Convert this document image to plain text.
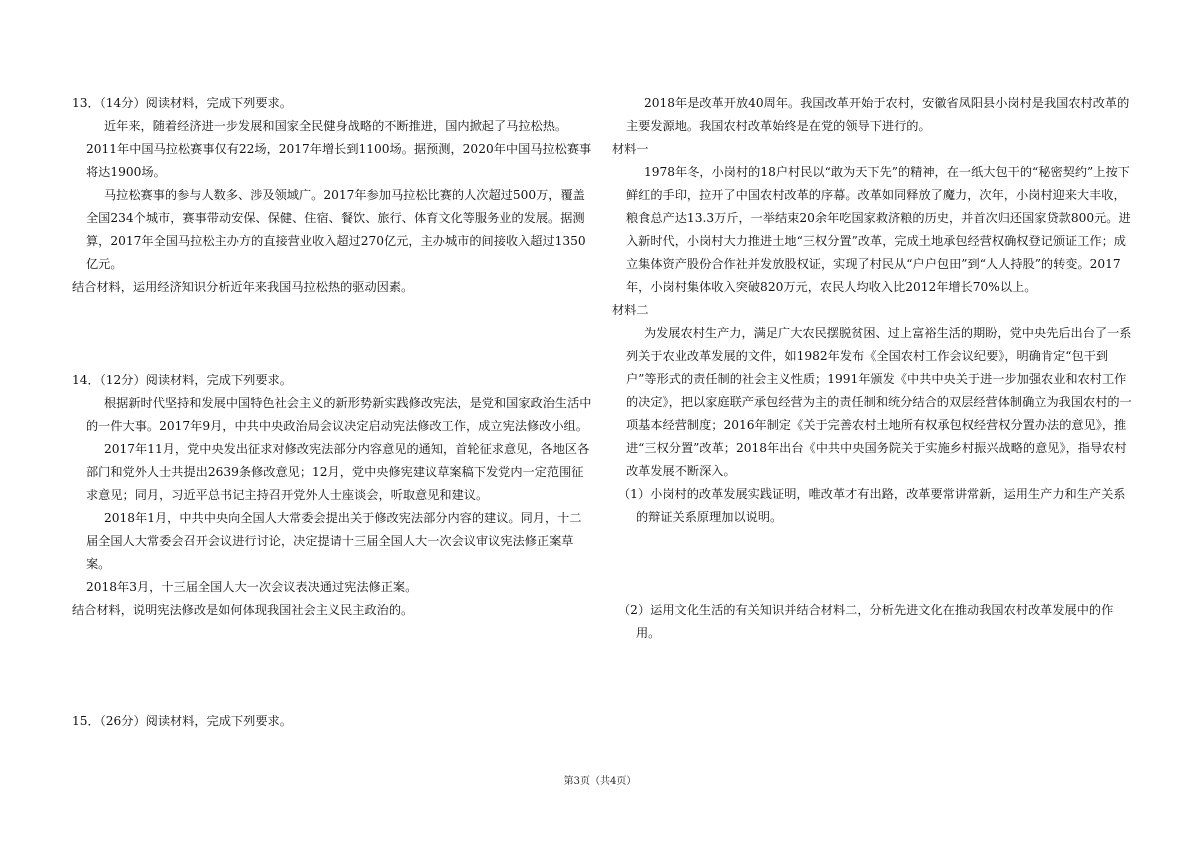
13．（14分）阅读材料，完成下列要求。

近年来，随着经济进一步发展和国家全民健身战略的不断推进，国内掀起了马拉松热。2011年中国马拉松赛事仅有22场，2017年增长到1100场。据预测，2020年中国马拉松赛事将达1900场。

马拉松赛事的参与人数多、涉及领域广。2017年参加马拉松比赛的人次超过500万，覆盖全国234个城市，赛事带动安保、保健、住宿、餐饮、旅行、体育文化等服务业的发展。据测算，2017年全国马拉松主办方的直接营业收入超过270亿元，主办城市的间接收入超过1350亿元。

结合材料，运用经济知识分析近年来我国马拉松热的驱动因素。

14．（12分）阅读材料，完成下列要求。

根据新时代坚持和发展中国特色社会主义的新形势新实践修改宪法，是党和国家政治生活中的一件大事。2017年9月，中共中央政治局会议决定启动宪法修改工作，成立宪法修改小组。

2017年11月，党中央发出征求对修改宪法部分内容意见的通知，首轮征求意见，各地区各部门和党外人士共提出2639条修改意见；12月，党中央修宪建议草案稿下发党内一定范围征求意见；同月，习近平总书记主持召开党外人士座谈会，听取意见和建议。

2018年1月，中共中央向全国人大常委会提出关于修改宪法部分内容的建议。同月，十二届全国人大常委会召开会议进行讨论，决定提请十三届全国人大一次会议审议宪法修正案草案。

2018年3月，十三届全国人大一次会议表决通过宪法修正案。

结合材料，说明宪法修改是如何体现我国社会主义民主政治的。

15．（26分）阅读材料，完成下列要求。

2018年是改革开放40周年。我国改革开始于农村，安徽省凤阳县小岗村是我国农村改革的主要发源地。我国农村改革始终是在党的领导下进行的。

材料一

1978年冬，小岗村的18户村民以“敢为天下先”的精神，在一纸大包干的“秘密契约”上按下鲜红的手印，拉开了中国农村改革的序幕。改革如同释放了魔力，次年，小岗村迎来大丰收，粮食总产达13.3万斤，一举结束20余年吃国家救济粮的历史，并首次归还国家贷款800元。进入新时代，小岗村大力推进土地“三权分置”改革，完成土地承包经营权确权登记颁证工作；成立集体资产股份合作社并发放股权证，实现了村民从“户户包田”到“人人持股”的转变。2017年，小岗村集体收入突破820万元，农民人均收入比2012年增长70%以上。

材料二

为发展农村生产力，满足广大农民摆脱贫困、过上富裕生活的期盼，党中央先后出台了一系列关于农业改革发展的文件，如1982年发布《全国农村工作会议纪要》，明确肯定“包干到户”等形式的责任制的社会主义性质；1991年颁发《中共中央关于进一步加强农业和农村工作的决定》，把以家庭联产承包经营为主的责任制和统分结合的双层经营体制确立为我国农村的一项基本经营制度；2016年制定《关于完善农村土地所有权承包权经营权分置办法的意见》，推进“三权分置”改革；2018年出台《中共中央国务院关于实施乡村振兴战略的意见》，指导农村改革发展不断深入。

（1）小岗村的改革发展实践证明，唯改革才有出路，改革要常讲常新，运用生产力和生产关系的辩证关系原理加以说明。

（2）运用文化生活的有关知识并结合材料二，分析先进文化在推动我国农村改革发展中的作用。

第3页（共4页）
